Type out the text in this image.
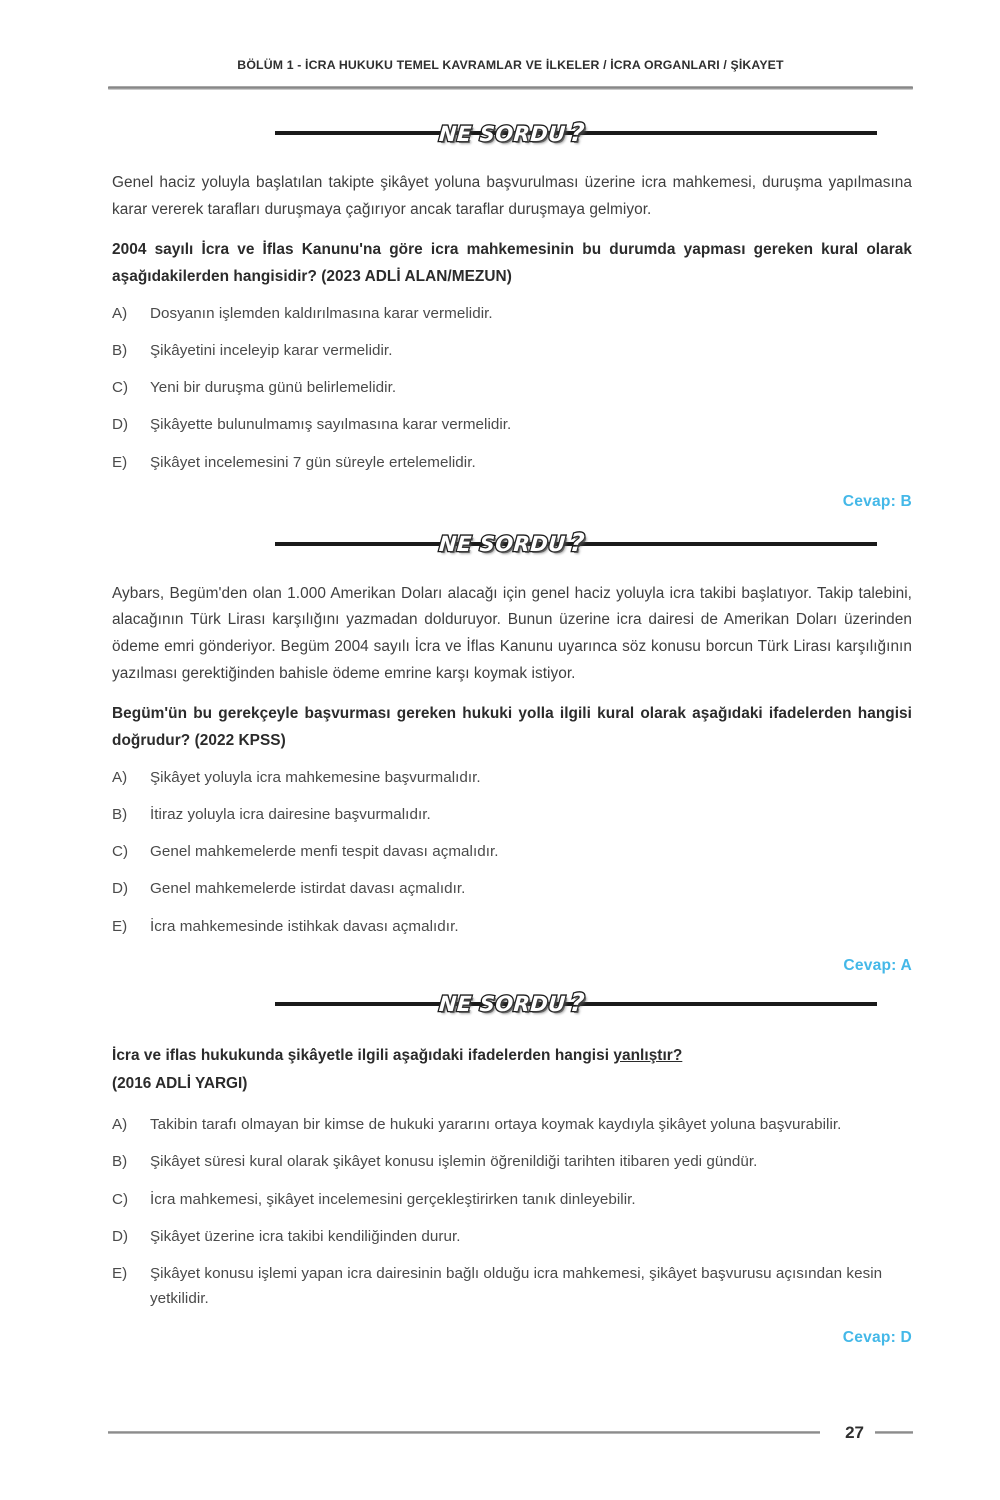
BÖLÜM 1 - İCRA HUKUKU TEMEL KAVRAMLAR VE İLKELER / İCRA ORGANLARI / ŞİKAYET
NE SORDU?
Genel haciz yoluyla başlatılan takipte şikâyet yoluna başvurulması üzerine icra mahkemesi, duruşma yapılmasına karar vererek tarafları duruşmaya çağırıyor ancak taraflar duruşmaya gelmiyor.
2004 sayılı İcra ve İflas Kanunu'na göre icra mahkemesinin bu durumda yapması gereken kural olarak aşağıdakilerden hangisidir? (2023 ADLİ ALAN/MEZUN)
A)	Dosyanın işlemden kaldırılmasına karar vermelidir.
B)	Şikâyetini inceleyip karar vermelidir.
C)	Yeni bir duruşma günü belirlemelidir.
D)	Şikâyette bulunulmamış sayılmasına karar vermelidir.
E)	Şikâyet incelemesini 7 gün süreyle ertelemelidir.
Cevap: B
NE SORDU?
Aybars, Begüm'den olan 1.000 Amerikan Doları alacağı için genel haciz yoluyla icra takibi başlatıyor. Takip talebini, alacağının Türk Lirası karşılığını yazmadan dolduruyor. Bunun üzerine icra dairesi de Amerikan Doları üzerinden ödeme emri gönderiyor. Begüm 2004 sayılı İcra ve İflas Kanunu uyarınca söz konusu borcun Türk Lirası karşılığının yazılması gerektiğinden bahisle ödeme emrine karşı koymak istiyor.
Begüm'ün bu gerekçeyle başvurması gereken hukuki yolla ilgili kural olarak aşağıdaki ifadelerden hangisi doğrudur? (2022 KPSS)
A)	Şikâyet yoluyla icra mahkemesine başvurmalıdır.
B)	İtiraz yoluyla icra dairesine başvurmalıdır.
C)	Genel mahkemelerde menfi tespit davası açmalıdır.
D)	Genel mahkemelerde istirdat davası açmalıdır.
E)	İcra mahkemesinde istihkak davası açmalıdır.
Cevap: A
NE SORDU?
İcra ve iflas hukukunda şikâyetle ilgili aşağıdaki ifadelerden hangisi yanlıştır?
(2016 ADLİ YARGI)
A)	Takibin tarafı olmayan bir kimse de hukuki yararını ortaya koymak kaydıyla şikâyet yoluna başvurabilir.
B)	Şikâyet süresi kural olarak şikâyet konusu işlemin öğrenildiği tarihten itibaren yedi gündür.
C)	İcra mahkemesi, şikâyet incelemesini gerçekleştirirken tanık dinleyebilir.
D)	Şikâyet üzerine icra takibi kendiliğinden durur.
E)	Şikâyet konusu işlemi yapan icra dairesinin bağlı olduğu icra mahkemesi, şikâyet başvurusu açısından kesin yetkilidir.
Cevap: D
27
